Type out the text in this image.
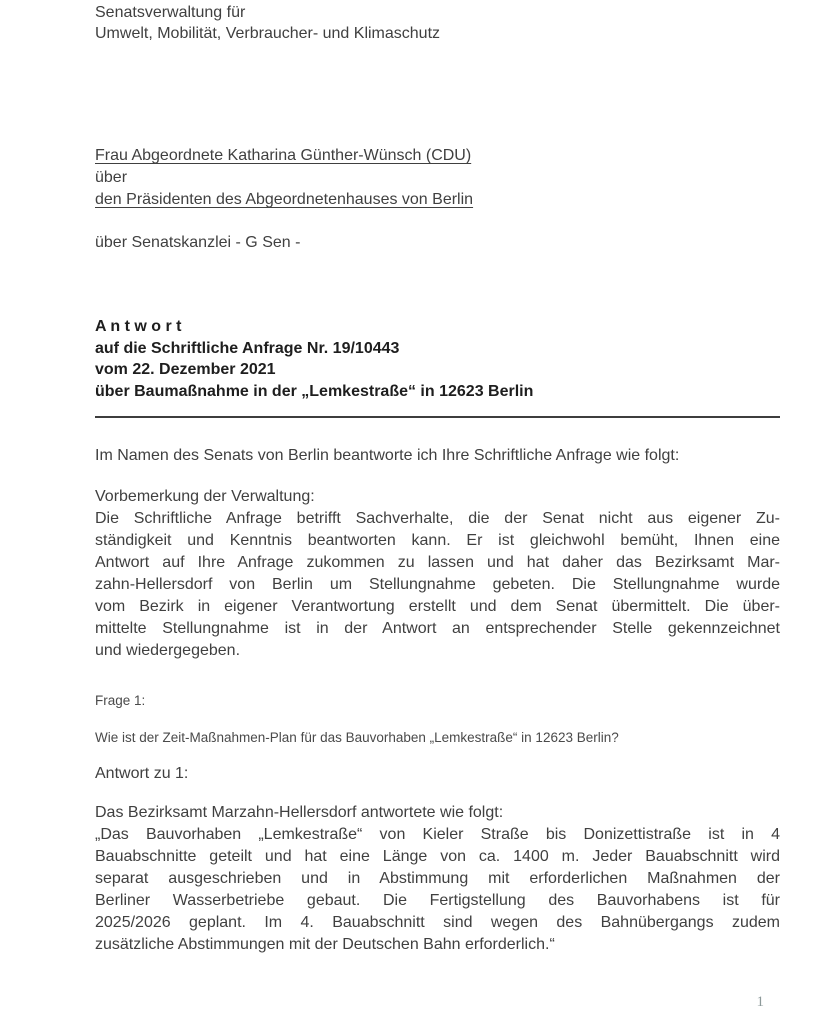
Senatsverwaltung für
Umwelt, Mobilität, Verbraucher- und Klimaschutz
Frau Abgeordnete Katharina Günther-Wünsch (CDU)
über
den Präsidenten des Abgeordnetenhauses von Berlin
über Senatskanzlei - G Sen -
A n t w o r t
auf die Schriftliche Anfrage Nr. 19/10443
vom 22. Dezember 2021
über Baumaßnahme in der „Lemkestraße“ in 12623 Berlin
Im Namen des Senats von Berlin beantworte ich Ihre Schriftliche Anfrage wie folgt:
Vorbemerkung der Verwaltung:
Die Schriftliche Anfrage betrifft Sachverhalte, die der Senat nicht aus eigener Zu-
ständigkeit und Kenntnis beantworten kann. Er ist gleichwohl bemüht, Ihnen eine
Antwort auf Ihre Anfrage zukommen zu lassen und hat daher das Bezirksamt Mar-
zahn-Hellersdorf von Berlin um Stellungnahme gebeten. Die Stellungnahme wurde
vom Bezirk in eigener Verantwortung erstellt und dem Senat übermittelt. Die über-
mittelte Stellungnahme ist in der Antwort an entsprechender Stelle gekennzeichnet
und wiedergegeben.
Frage 1:
Wie ist der Zeit-Maßnahmen-Plan für das Bauvorhaben „Lemkestraße“ in 12623 Berlin?
Antwort zu 1:
Das Bezirksamt Marzahn-Hellersdorf antwortete wie folgt:
„Das Bauvorhaben „Lemkestraße“ von Kieler Straße bis Donizettistraße ist in 4
Bauabschnitte geteilt und hat eine Länge von ca. 1400 m. Jeder Bauabschnitt wird
separat ausgeschrieben und in Abstimmung mit erforderlichen Maßnahmen der
Berliner Wasserbetriebe gebaut. Die Fertigstellung des Bauvorhabens ist für
2025/2026 geplant. Im 4. Bauabschnitt sind wegen des Bahnübergangs zudem
zusätzliche Abstimmungen mit der Deutschen Bahn erforderlich.“
1
